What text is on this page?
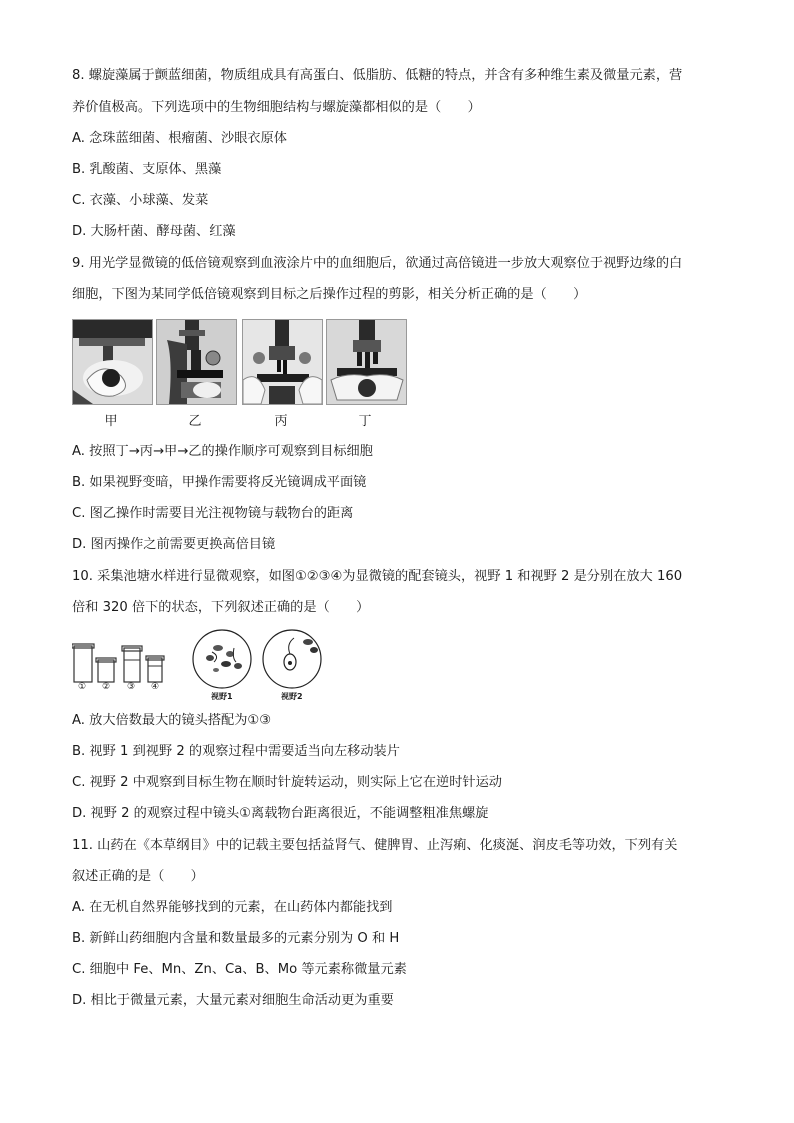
8. 螺旋藻属于颤蓝细菌，物质组成具有高蛋白、低脂肪、低糖的特点，并含有多种维生素及微量元素，营
养价值极高。下列选项中的生物细胞结构与螺旋藻都相似的是（　　）
A. 念珠蓝细菌、根瘤菌、沙眼衣原体
B. 乳酸菌、支原体、黑藻
C. 衣藻、小球藻、发菜
D. 大肠杆菌、酵母菌、红藻
9. 用光学显微镜的低倍镜观察到血液涂片中的血细胞后，欲通过高倍镜进一步放大观察位于视野边缘的白
细胞，下图为某同学低倍镜观察到目标之后操作过程的剪影，相关分析正确的是（　　）
甲	乙	丙	丁
A. 按照丁→丙→甲→乙的操作顺序可观察到目标细胞
B. 如果视野变暗，甲操作需要将反光镜调成平面镜
C. 图乙操作时需要目光注视物镜与载物台的距离
D. 图丙操作之前需要更换高倍目镜
10. 采集池塘水样进行显微观察，如图①②③④为显微镜的配套镜头，视野 1 和视野 2 是分别在放大 160
倍和 320 倍下的状态，下列叙述正确的是（　　）
① ② ③ ④
视野1	视野2
A. 放大倍数最大的镜头搭配为①③
B. 视野 1 到视野 2 的观察过程中需要适当向左移动装片
C. 视野 2 中观察到目标生物在顺时针旋转运动，则实际上它在逆时针运动
D. 视野 2 的观察过程中镜头①离载物台距离很近，不能调整粗准焦螺旋
11. 山药在《本草纲目》中的记载主要包括益肾气、健脾胃、止泻痢、化痰涎、润皮毛等功效，下列有关
叙述正确的是（　　）
A. 在无机自然界能够找到的元素，在山药体内都能找到
B. 新鲜山药细胞内含量和数量最多的元素分别为 O 和 H
C. 细胞中 Fe、Mn、Zn、Ca、B、Mo 等元素称微量元素
D. 相比于微量元素，大量元素对细胞生命活动更为重要
